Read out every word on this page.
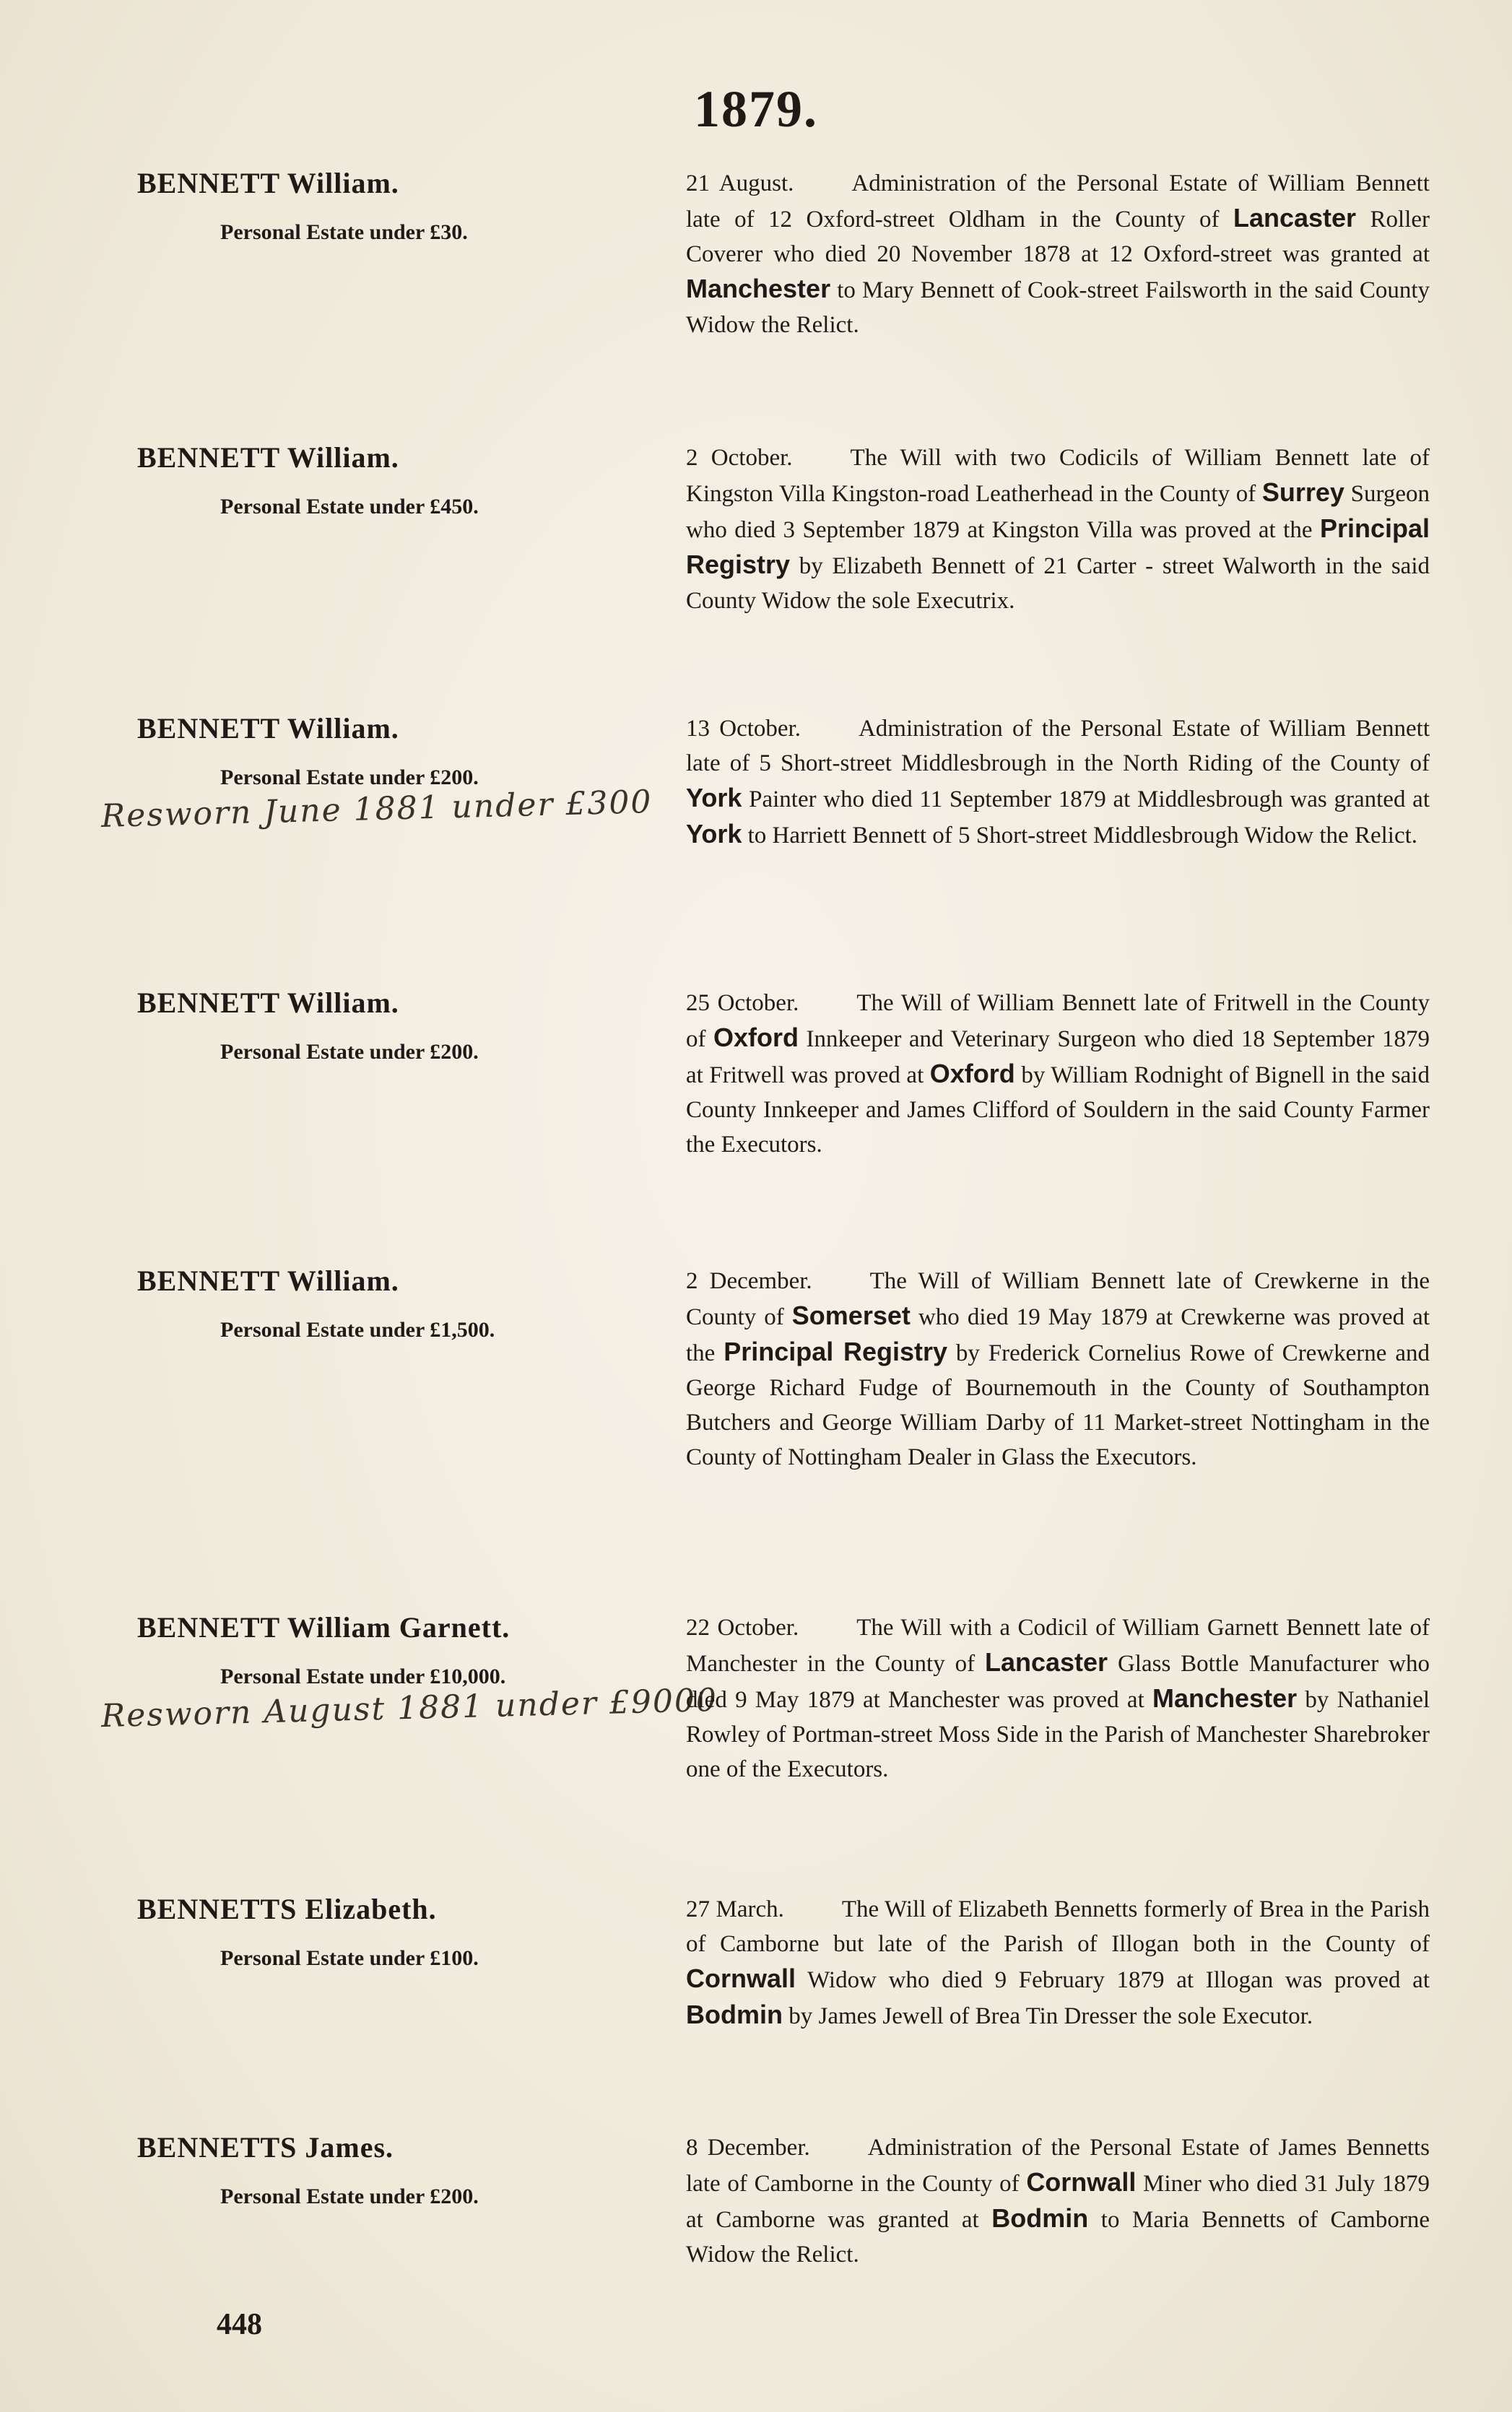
1879.
BENNETT William.
Personal Estate under £30.
21 August. Administration of the Personal Estate of William Bennett late of 12 Oxford-street Oldham in the County of Lancaster Roller Coverer who died 20 November 1878 at 12 Oxford-street was granted at Manchester to Mary Bennett of Cook-street Failsworth in the said County Widow the Relict.
BENNETT William.
Personal Estate under £450.
2 October. The Will with two Codicils of William Bennett late of Kingston Villa Kingston-road Leatherhead in the County of Surrey Surgeon who died 3 September 1879 at Kingston Villa was proved at the Principal Registry by Elizabeth Bennett of 21 Carter - street Walworth in the said County Widow the sole Executrix.
BENNETT William.
Personal Estate under £200.
Resworn June 1881 under £300
13 October. Administration of the Personal Estate of William Bennett late of 5 Short-street Middlesbrough in the North Riding of the County of York Painter who died 11 September 1879 at Middlesbrough was granted at York to Harriett Bennett of 5 Short-street Middlesbrough Widow the Relict.
BENNETT William.
Personal Estate under £200.
25 October. The Will of William Bennett late of Fritwell in the County of Oxford Innkeeper and Veterinary Surgeon who died 18 September 1879 at Fritwell was proved at Oxford by William Rodnight of Bignell in the said County Innkeeper and James Clifford of Souldern in the said County Farmer the Executors.
BENNETT William.
Personal Estate under £1,500.
2 December. The Will of William Bennett late of Crewkerne in the County of Somerset who died 19 May 1879 at Crewkerne was proved at the Principal Registry by Frederick Cornelius Rowe of Crewkerne and George Richard Fudge of Bournemouth in the County of Southampton Butchers and George William Darby of 11 Market-street Nottingham in the County of Nottingham Dealer in Glass the Executors.
BENNETT William Garnett.
Personal Estate under £10,000.
Resworn August 1881 under £9000
22 October. The Will with a Codicil of William Garnett Bennett late of Manchester in the County of Lancaster Glass Bottle Manufacturer who died 9 May 1879 at Manchester was proved at Manchester by Nathaniel Rowley of Portman-street Moss Side in the Parish of Manchester Sharebroker one of the Executors.
BENNETTS Elizabeth.
Personal Estate under £100.
27 March. The Will of Elizabeth Bennetts formerly of Brea in the Parish of Camborne but late of the Parish of Illogan both in the County of Cornwall Widow who died 9 February 1879 at Illogan was proved at Bodmin by James Jewell of Brea Tin Dresser the sole Executor.
BENNETTS James.
Personal Estate under £200.
8 December. Administration of the Personal Estate of James Bennetts late of Camborne in the County of Cornwall Miner who died 31 July 1879 at Camborne was granted at Bodmin to Maria Bennetts of Camborne Widow the Relict.
448
